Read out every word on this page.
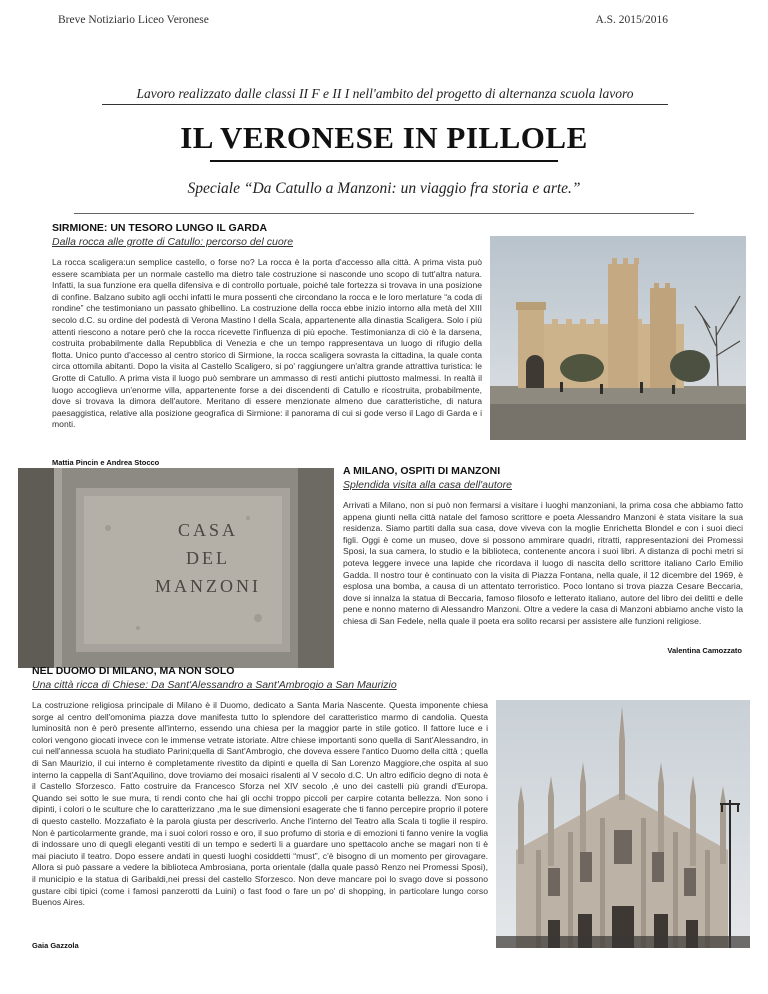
Breve Notiziario Liceo Veronese	A.S. 2015/2016
Lavoro realizzato dalle classi II F e II I nell'ambito del progetto di alternanza scuola lavoro
IL VERONESE IN PILLOLE
Speciale “Da Catullo a Manzoni: un viaggio fra storia e arte.”
SIRMIONE: UN TESORO LUNGO IL GARDA
Dalla rocca alle grotte di Catullo: percorso del cuore
La rocca scaligera:un semplice castello, o forse no? La rocca è la porta d'accesso alla città. A prima vista può essere scambiata per un normale castello ma dietro tale costruzione si nasconde uno scopo di tutt'altra natura. Infatti, la sua funzione era quella difensiva e di controllo portuale, poiché tale fortezza si trovava in una posizione di confine. Balzano subito agli occhi infatti le mura possenti che circondano la rocca e le loro merlature “a coda di rondine” che testimoniano un passato ghibellino. La costruzione della rocca ebbe inizio intorno alla metà del XIII secolo d.C. su ordine del podestà di Verona Mastino I della Scala, appartenente alla dinastia Scaligera. Solo i più attenti riescono a notare però che la rocca ricevette l'influenza di più epoche. Testimonianza di ciò è la darsena, costruita probabilmente dalla Repubblica di Venezia e che un tempo rappresentava un luogo di rifugio della flotta. Unico punto d'accesso al centro storico di Sirmione, la rocca scaligera sovrasta la cittadina, la quale conta circa ottomila abitanti. Dopo la visita al Castello Scaligero, si po' raggiungere un'altra grande attrattiva turistica: le Grotte di Catullo. A prima vista il luogo può sembrare un ammasso di resti antichi piuttosto malmessi. In realtà il luogo accoglieva un'enorme villa, appartenente forse a dei discendenti di Catullo e ricostruita, probabilmente, dove si trovava la dimora dell'autore. Meritano di essere menzionate almeno due caratteristiche, di natura paesaggistica, relative alla posizione geografica di Sirmione: il panorama di cui si gode verso il Lago di Garda e i monti.
Mattia Pincin e Andrea Stocco
CASA
DEL
MANZONI
A MILANO, OSPITI DI MANZONI
Splendida visita alla casa dell'autore
Arrivati a Milano, non si può non fermarsi a visitare i luoghi manzoniani, la prima cosa che abbiamo fatto appena giunti nella città natale del famoso scrittore e poeta Alessandro Manzoni è stata visitare la sua residenza. Siamo partiti dalla sua casa, dove viveva con la moglie Enrichetta Blondel e con i suoi dieci figli. Oggi è come un museo, dove si possono ammirare quadri, ritratti, rappresentazioni dei Promessi Sposi, la sua camera, lo studio e la biblioteca, contenente ancora i suoi libri. A distanza di pochi metri si poteva leggere invece una lapide che ricordava il luogo di nascita dello scrittore italiano Carlo Emilio Gadda. Il nostro tour è continuato con la visita di Piazza Fontana, nella quale, il 12 dicembre del 1969, è esplosa una bomba, a causa di un attentato terroristico. Poco lontano si trova piazza Cesare Beccaria, dove si innalza la statua di Beccaria, famoso filosofo e letterato italiano, autore del libro dei delitti e delle pene e nonno materno di Alessandro Manzoni. Oltre a vedere la casa di Manzoni abbiamo anche visto la chiesa di San Fedele, nella quale il poeta era solito recarsi per assistere alle funzioni religiose.
Valentina Camozzato
NEL DUOMO DI MILANO, MA NON SOLO
Una città ricca di Chiese: Da Sant'Alessandro a Sant'Ambrogio a San Maurizio
La costruzione religiosa principale di Milano è il Duomo, dedicato a Santa Maria Nascente. Questa imponente chiesa sorge al centro dell'omonima piazza dove manifesta tutto lo splendore del caratteristico marmo di candolia. Questa luminosità non è però presente all'interno, essendo una chiesa per la maggior parte in stile gotico. Il fattore luce e i colori vengono giocati invece con le immense vetrate istoriate. Altre chiese importanti sono quella di Sant'Alessandro, in cui nell'annessa scuola ha studiato Parini;quella di Sant'Ambrogio, che doveva essere l'antico Duomo della città ; quella di San Maurizio, il cui interno è completamente rivestito da dipinti e quella di San Lorenzo Maggiore,che ospita al suo interno la cappella di Sant'Aquilino, dove troviamo dei mosaici risalenti al V secolo d.C. Un altro edificio degno di nota è il Castello Sforzesco. Fatto costruire da Francesco Sforza nel XIV secolo ,è uno dei castelli più grandi d'Europa. Quando sei sotto le sue mura, ti rendi conto che hai gli occhi troppo piccoli per carpire cotanta bellezza. Non sono i dipinti, i colori o le sculture che lo caratterizzano ,ma le sue dimensioni esagerate che ti fanno percepire proprio il potere di questo castello. Mozzafiato è la parola giusta per descriverlo. Anche l'interno del Teatro alla Scala ti toglie il respiro. Non è particolarmente grande, ma i suoi colori rosso e oro, il suo profumo di storia e di emozioni ti fanno venire la voglia di indossare uno di quegli eleganti vestiti di un tempo e sederti li a guardare uno spettacolo anche se magari non ti è mai piaciuto il teatro. Dopo essere andati in questi luoghi cosiddetti “must”, c'è bisogno di un momento per girovagare. Allora si può passare a vedere la biblioteca Ambrosiana, porta orientale (dalla quale passò Renzo nei Promessi Sposi), il municipio e la statua di Garibaldi,nei pressi del castello Sforzesco. Non deve mancare poi lo svago dove si possono gustare cibi tipici (come i famosi panzerotti da Luini) o fast food o fare un po' di shopping, in particolare lungo corso Buenos Aires.
Gaia Gazzola
